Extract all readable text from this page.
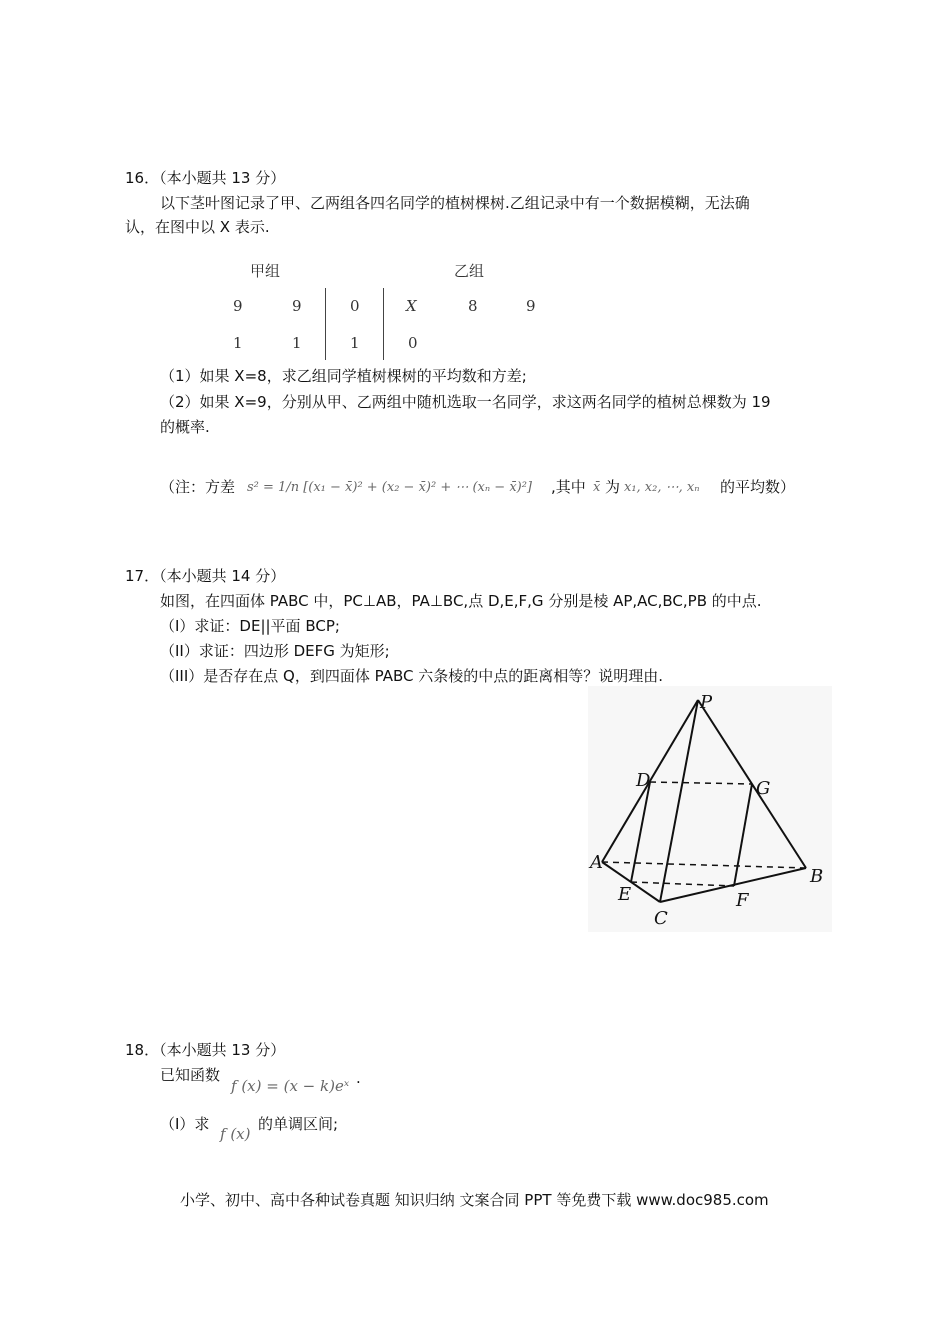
16．（本小题共 13 分）
以下茎叶图记录了甲、乙两组各四名同学的植树棵树.乙组记录中有一个数据模糊，无法确
认，在图中以 X 表示.
甲组	乙组
9	9	0	X	8	9
1	1	1	0
（1）如果 X=8，求乙组同学植树棵树的平均数和方差;
（2）如果 X=9，分别从甲、乙两组中随机选取一名同学，求这两名同学的植树总棵数为 19
的概率.
（注：方差 s² = 1/n [(x₁ − x̄)² + (x₂ − x̄)² + ⋯ (xₙ − x̄)²] ,其中 x̄ 为 x₁, x₂, ⋯, xₙ 的平均数）
17．（本小题共 14 分）
如图，在四面体 PABC 中，PC⊥AB，PA⊥BC,点 D,E,F,G 分别是棱 AP,AC,BC,PB 的中点.
（I）求证：DE||平面 BCP;
（II）求证：四边形 DEFG 为矩形;
（III）是否存在点 Q，到四面体 PABC 六条棱的中点的距离相等？说明理由.
P
D	G
A
B
E	F
C
18．（本小题共 13 分）
已知函数
f (x) = (x − k)eˣ .
（I）求
f (x)
的单调区间;
小学、初中、高中各种试卷真题 知识归纳 文案合同 PPT 等免费下载 www.doc985.com
